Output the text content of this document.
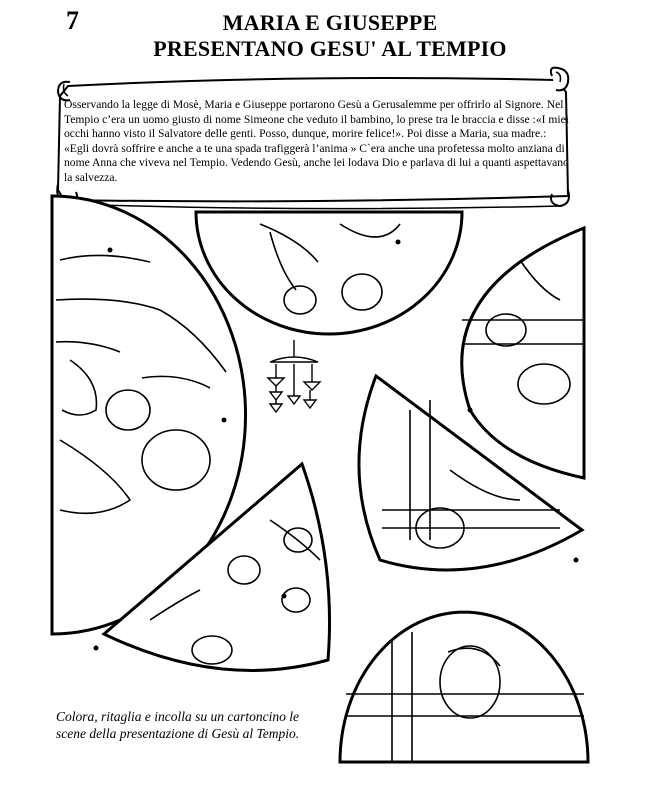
7	MARIA E GIUSEPPE
PRESENTANO GESU' AL TEMPIO
Osservando la legge di Mosè, Maria e Giuseppe portarono Gesù a Gerusalemme per offrirlo al Signore. Nel Tempio c’era un uomo giusto di nome Simeone che veduto il bambino, lo prese tra le braccia e disse :«I miei occhi hanno visto il Salvatore delle genti. Posso, dunque, morire felice!». Poi disse a Maria, sua madre.: «Egli dovrà soffrire e anche a te una spada trafiggerà l’anima » C`era anche una profetessa molto anziana di nome Anna che viveva nel Tempio. Vedendo Gesù, anche lei lodava Dio e parlava di lui a quanti aspettavano la salvezza.
Colora, ritaglia e incolla su un cartoncino le scene della presentazione di Gesù al Tempio.
